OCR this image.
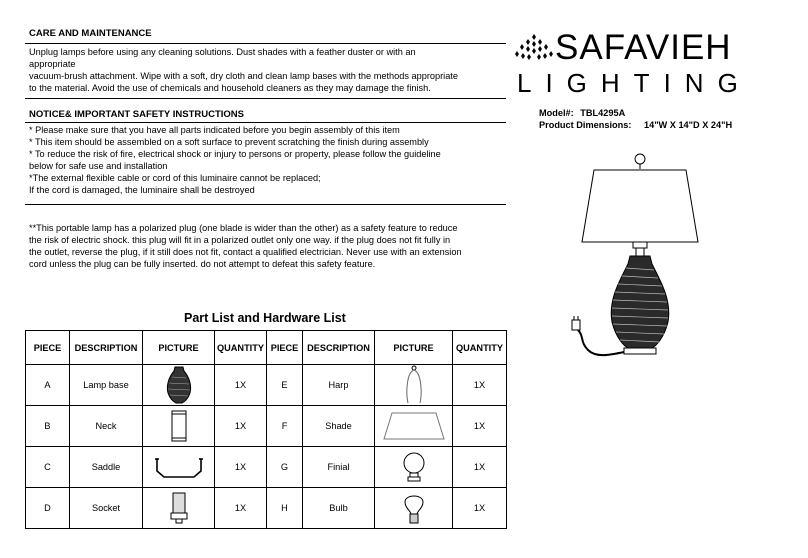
CARE AND MAINTENANCE
Unplug lamps before using any cleaning solutions. Dust shades with a feather duster or with an
appropriate
vacuum-brush attachment. Wipe with a soft, dry cloth and clean lamp bases with the methods appropriate
to the material. Avoid the use of chemicals and household cleaners as they may damage the finish.
NOTICE& IMPORTANT SAFETY INSTRUCTIONS
* Please make sure that you have all parts indicated before you begin assembly of this item
* This item should be assembled on a soft surface to prevent scratching the finish during assembly
* To reduce the risk of fire, electrical shock or injury to persons or property, please follow the guideline
below for safe use and installation
*The external flexible cable or cord of this luminaire cannot be replaced;
If the cord is damaged, the luminaire shall be destroyed
**This portable lamp has a polarized plug (one blade is wider than the other) as a safety feature to reduce
the risk of electric shock. this plug will fit in a polarized outlet only one way. if the plug does not fit fully in
the outlet, reverse the plug, if it still does not fit, contact a qualified electrician. Never use with an extension
cord unless the plug can be fully inserted. do not attempt to defeat this safety feature.
SAFAVIEH
LIGHTING
Model#: TBL4295A
Product Dimensions: 14"W X 14"D X 24"H
Part List and Hardware List
PIECE	DESCRIPTION	PICTURE	QUANTITY	PIECE	DESCRIPTION	PICTURE	QUANTITY
A	Lamp base		1X	E	Harp		1X
B	Neck		1X	F	Shade		1X
C	Saddle		1X	G	Finial		1X
D	Socket		1X	H	Bulb		1X
